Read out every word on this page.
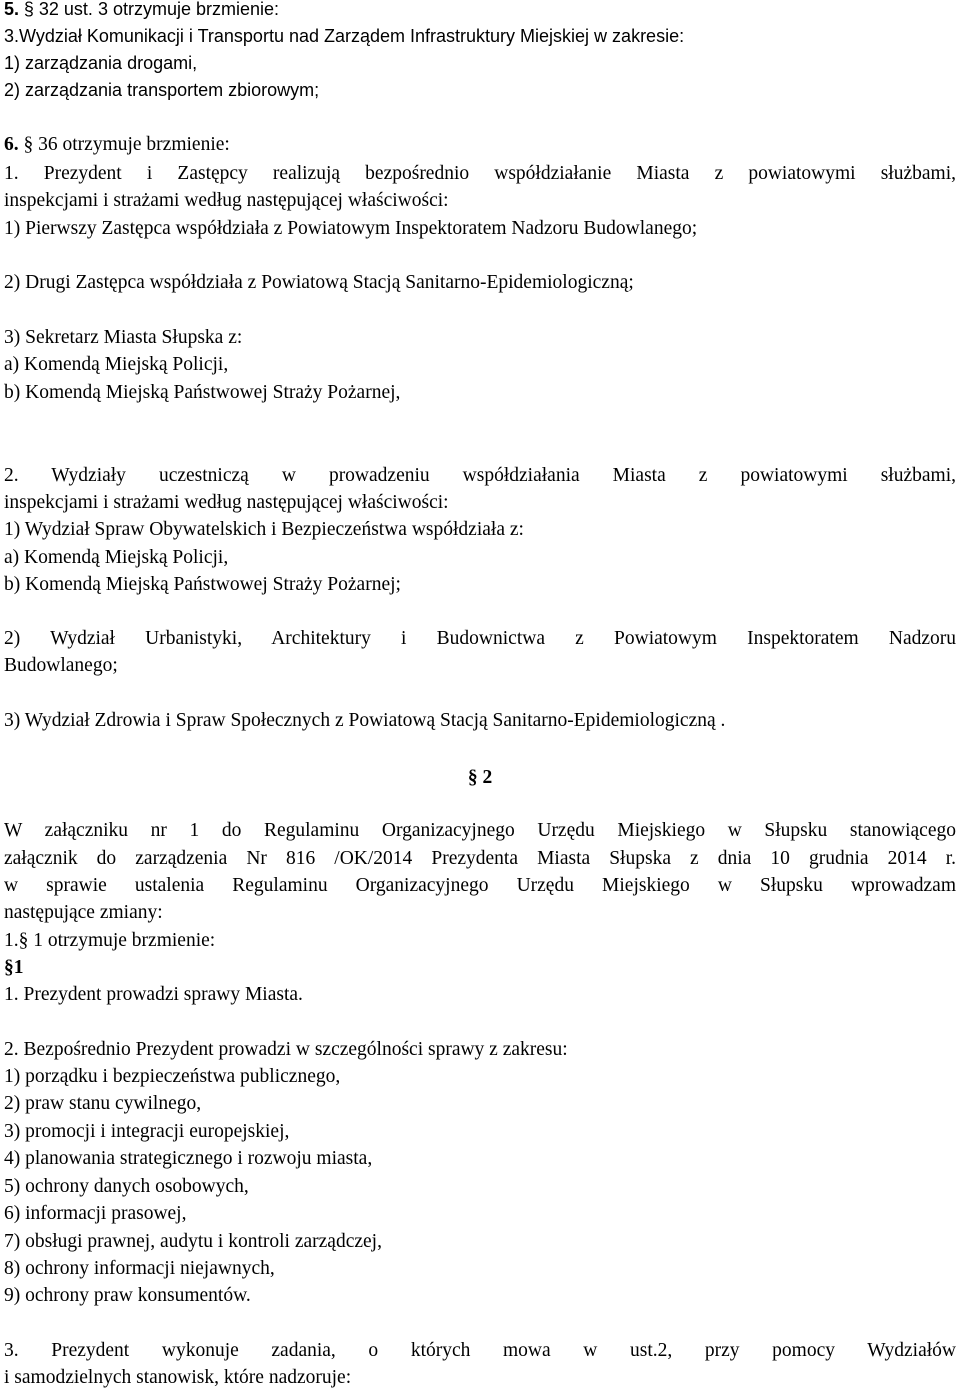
5. § 32 ust. 3 otrzymuje brzmienie:
3.Wydział Komunikacji i Transportu nad Zarządem Infrastruktury Miejskiej w zakresie:
1) zarządzania drogami,
2) zarządzania transportem zbiorowym;
6. § 36 otrzymuje brzmienie:
1. Prezydent i Zastępcy realizują bezpośrednio współdziałanie Miasta z powiatowymi służbami,
inspekcjami i strażami według następującej właściwości:
1) Pierwszy Zastępca współdziała z Powiatowym Inspektoratem Nadzoru Budowlanego;
2) Drugi Zastępca współdziała z Powiatową Stacją Sanitarno-Epidemiologiczną;
3) Sekretarz Miasta Słupska z:
a) Komendą Miejską Policji,
b) Komendą Miejską Państwowej Straży Pożarnej,
2. Wydziały uczestniczą w prowadzeniu współdziałania Miasta z powiatowymi służbami,
inspekcjami i strażami według następującej właściwości:
1) Wydział Spraw Obywatelskich i Bezpieczeństwa współdziała z:
a) Komendą Miejską Policji,
b) Komendą Miejską Państwowej Straży Pożarnej;
2) Wydział Urbanistyki, Architektury i Budownictwa z Powiatowym Inspektoratem Nadzoru
Budowlanego;
3) Wydział Zdrowia i Spraw Społecznych z Powiatową Stacją Sanitarno-Epidemiologiczną .
§ 2
W załączniku nr 1 do Regulaminu Organizacyjnego Urzędu Miejskiego w Słupsku stanowiącego
załącznik do zarządzenia Nr 816 /OK/2014 Prezydenta Miasta Słupska z dnia 10 grudnia 2014 r.
w sprawie ustalenia Regulaminu Organizacyjnego Urzędu Miejskiego w Słupsku wprowadzam
następujące zmiany:
1.§ 1 otrzymuje brzmienie:
§1
1. Prezydent prowadzi sprawy Miasta.
2. Bezpośrednio Prezydent prowadzi w szczególności sprawy z zakresu:
1) porządku i bezpieczeństwa publicznego,
2) praw stanu cywilnego,
3) promocji i integracji europejskiej,
4) planowania strategicznego i rozwoju miasta,
5) ochrony danych osobowych,
6) informacji prasowej,
7) obsługi prawnej, audytu i kontroli zarządczej,
8) ochrony informacji niejawnych,
9) ochrony praw konsumentów.
3. Prezydent wykonuje zadania, o których mowa w ust.2, przy pomocy Wydziałów
i samodzielnych stanowisk, które nadzoruje:
